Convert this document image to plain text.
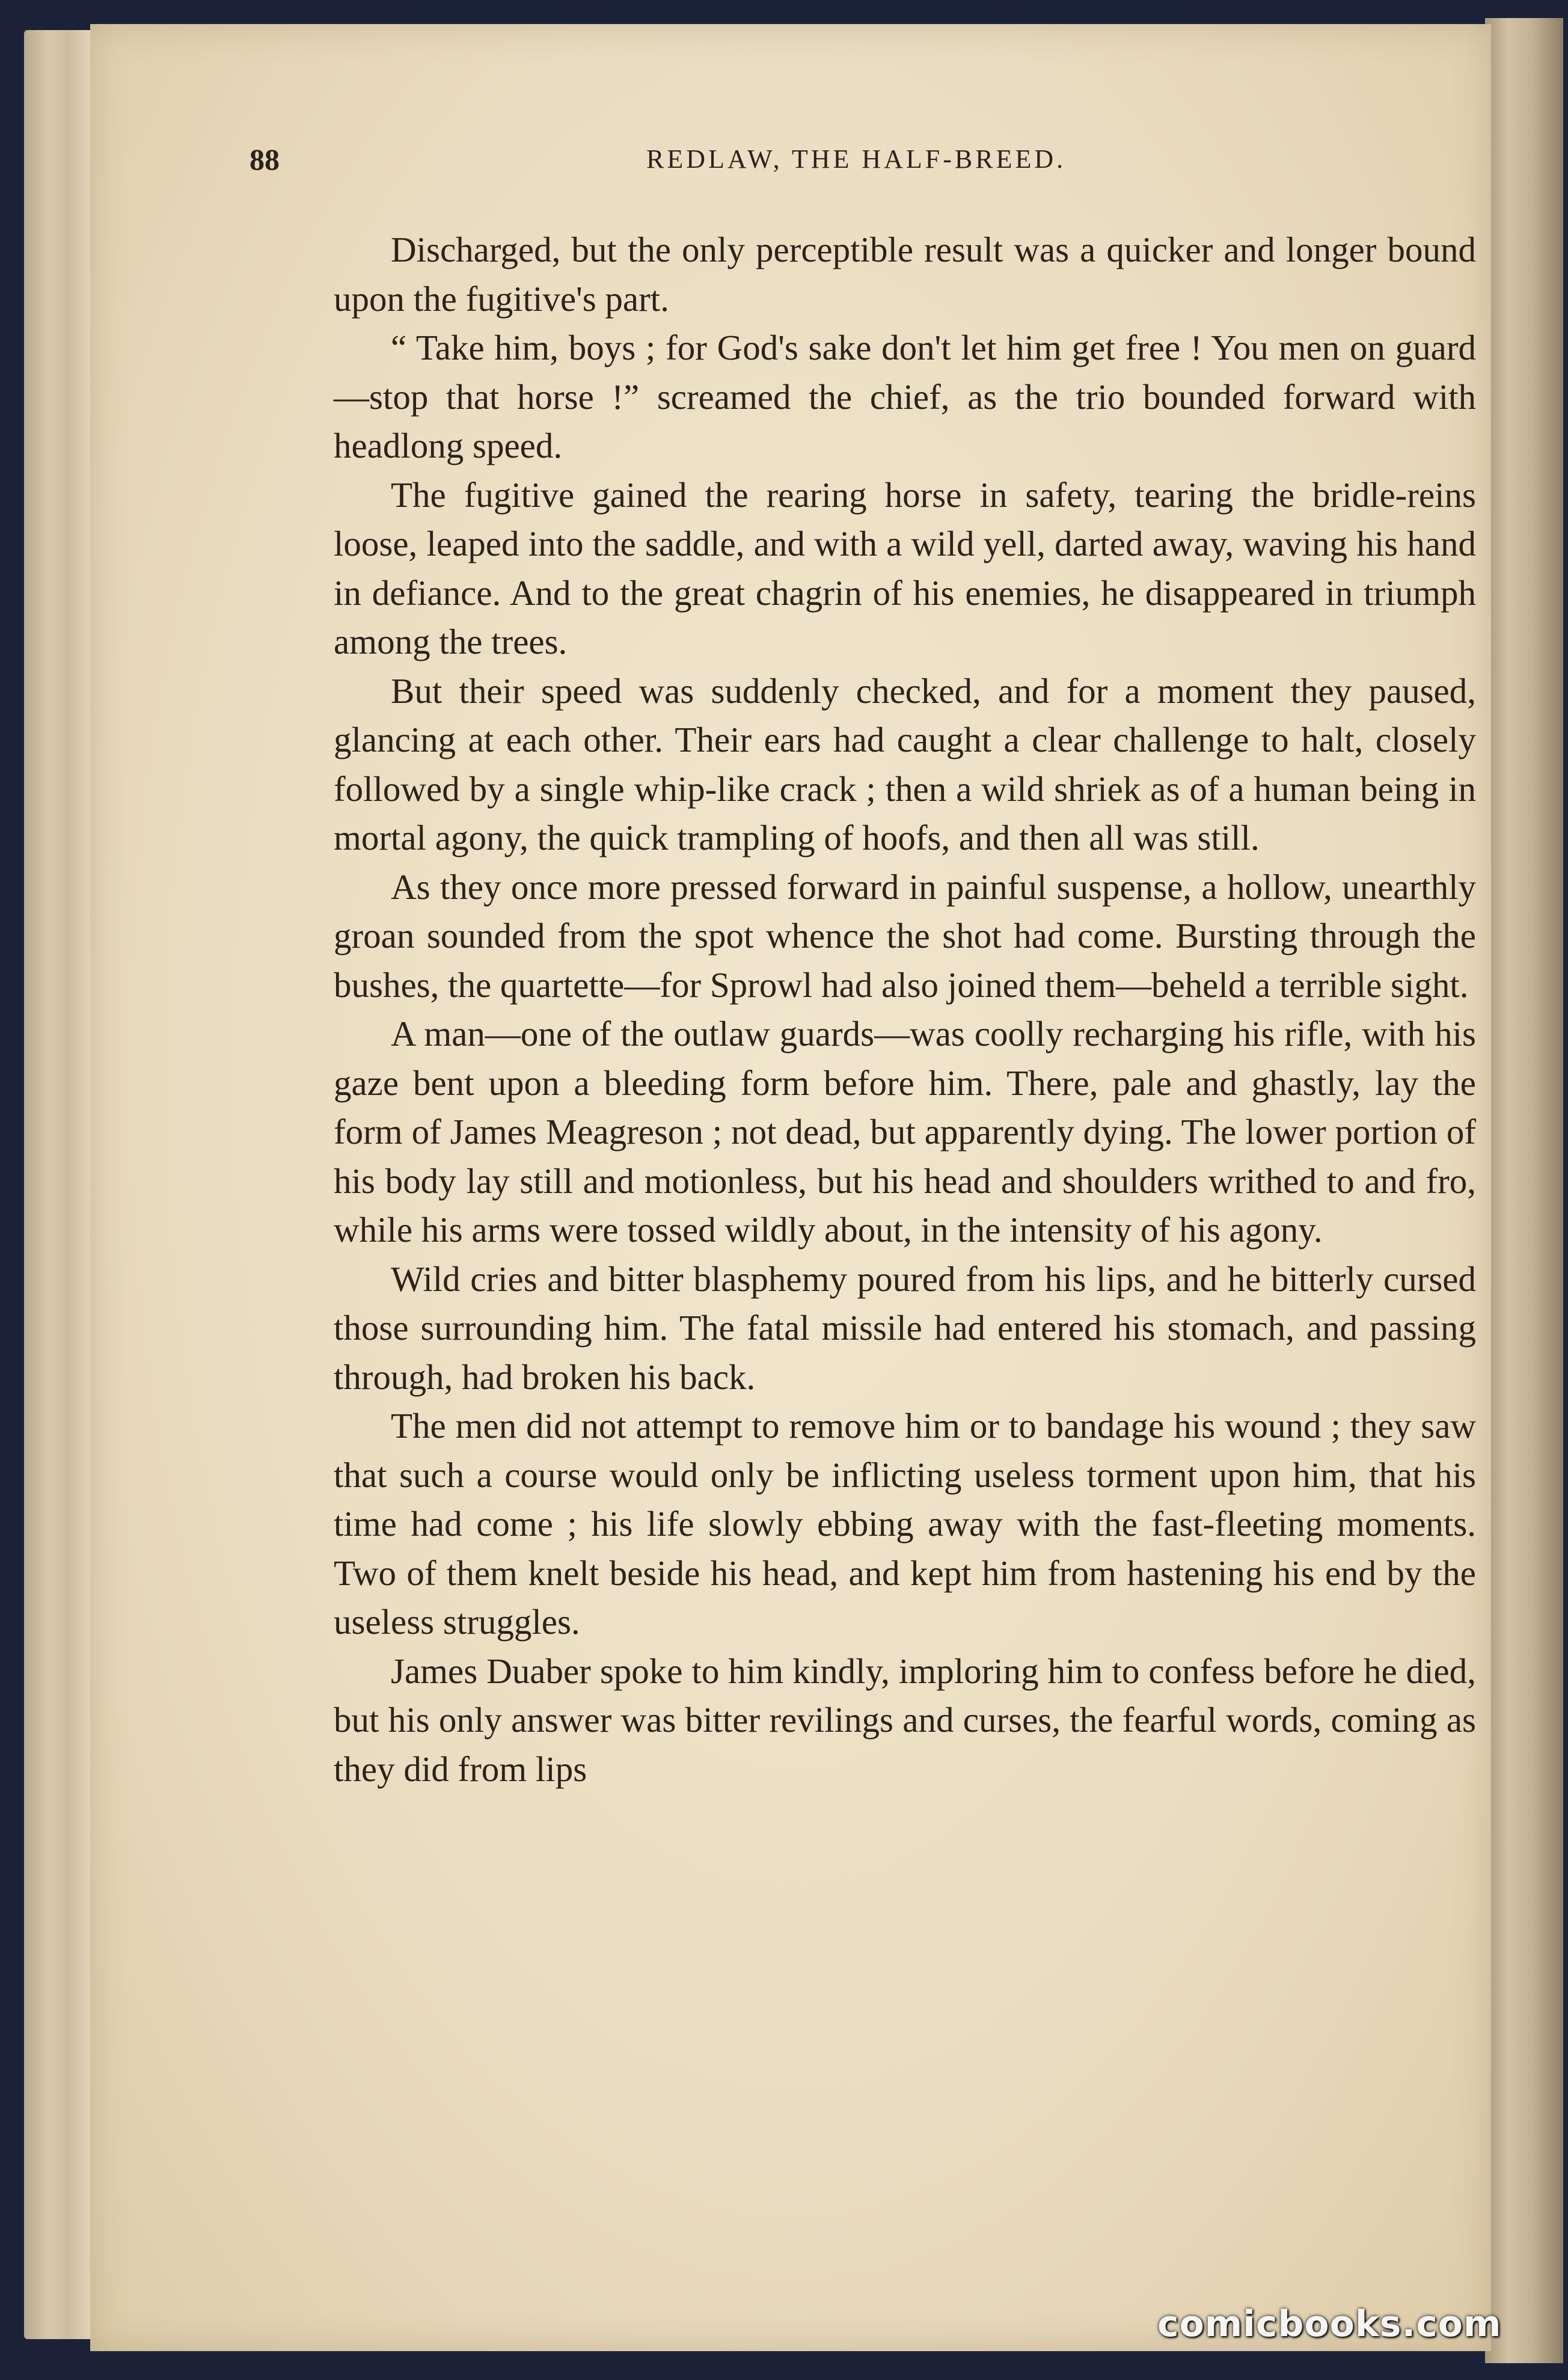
88	REDLAW, THE HALF-BREED.

Discharged, but the only perceptible result was a quicker and longer bound upon the fugitive's part.

“ Take him, boys ; for God's sake don't let him get free ! You men on guard—stop that horse !” screamed the chief, as the trio bounded forward with headlong speed.

The fugitive gained the rearing horse in safety, tearing the bridle-reins loose, leaped into the saddle, and with a wild yell, darted away, waving his hand in defiance. And to the great chagrin of his enemies, he disappeared in triumph among the trees.

But their speed was suddenly checked, and for a moment they paused, glancing at each other. Their ears had caught a clear challenge to halt, closely followed by a single whip-like crack ; then a wild shriek as of a human being in mortal agony, the quick trampling of hoofs, and then all was still.

As they once more pressed forward in painful suspense, a hollow, unearthly groan sounded from the spot whence the shot had come. Bursting through the bushes, the quartette—for Sprowl had also joined them—beheld a terrible sight.

A man—one of the outlaw guards—was coolly recharging his rifle, with his gaze bent upon a bleeding form before him. There, pale and ghastly, lay the form of James Meagreson ; not dead, but apparently dying. The lower portion of his body lay still and motionless, but his head and shoulders writhed to and fro, while his arms were tossed wildly about, in the intensity of his agony.

Wild cries and bitter blasphemy poured from his lips, and he bitterly cursed those surrounding him. The fatal missile had entered his stomach, and passing through, had broken his back.

The men did not attempt to remove him or to bandage his wound ; they saw that such a course would only be inflicting useless torment upon him, that his time had come ; his life slowly ebbing away with the fast-fleeting moments. Two of them knelt beside his head, and kept him from hastening his end by the useless struggles.

James Duaber spoke to him kindly, imploring him to confess before he died, but his only answer was bitter revilings and curses, the fearful words, coming as they did from lips

comicbooks.com
